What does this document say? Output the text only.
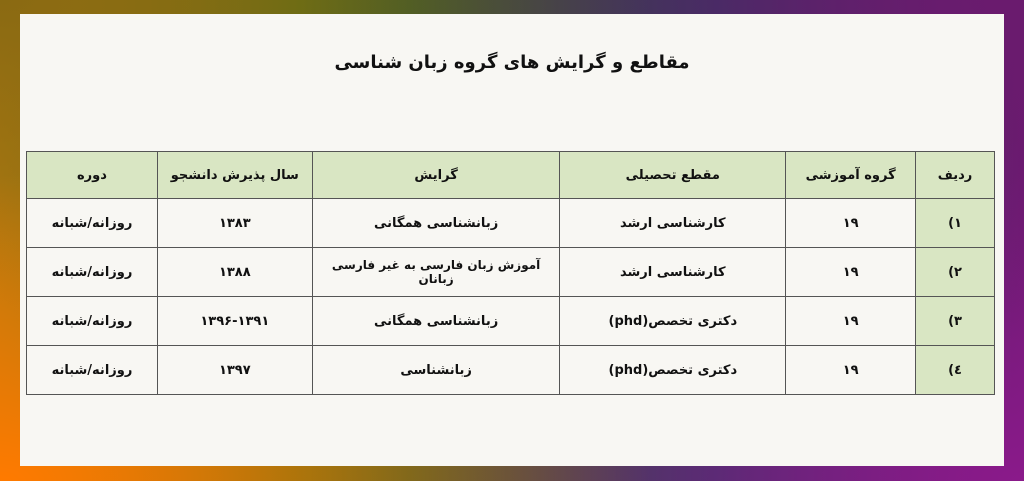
مقاطع و گرایش های گروه زبان شناسی
ردیف	گروه آموزشی	مقطع تحصیلی	گرایش	سال پذیرش دانشجو	دوره
١)	١٩	کارشناسی ارشد	زبانشناسی همگانی	١٣٨٣	روزانه/شبانه
٢)	١٩	کارشناسی ارشد	آموزش زبان فارسی به غیر فارسی زبانان	١٣٨٨	روزانه/شبانه
٣)	١٩	دکتری تخصص(phd)	زبانشناسی همگانی	١٣٩١-١٣٩۶	روزانه/شبانه
٤)	١٩	دکتری تخصص(phd)	زبانشناسی	١٣٩٧	روزانه/شبانه
